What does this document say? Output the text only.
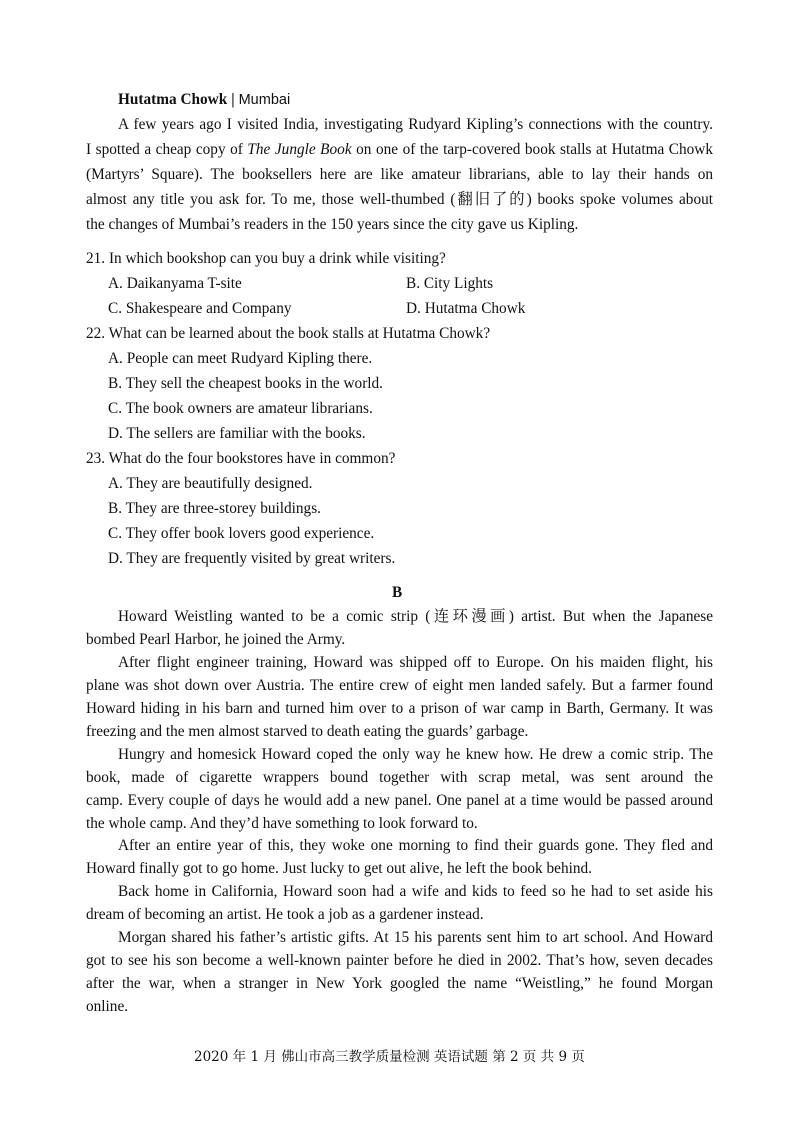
Hutatma Chowk | Mumbai
A few years ago I visited India, investigating Rudyard Kipling’s connections with the country.
I spotted a cheap copy of The Jungle Book on one of the tarp-covered book stalls at Hutatma Chowk
(Martyrs’ Square). The booksellers here are like amateur librarians, able to lay their hands on
almost any title you ask for. To me, those well-thumbed (翻旧了的) books spoke volumes about
the changes of Mumbai’s readers in the 150 years since the city gave us Kipling.
21. In which bookshop can you buy a drink while visiting?
A. Daikanyama T-site	B. City Lights
C. Shakespeare and Company	D. Hutatma Chowk
22. What can be learned about the book stalls at Hutatma Chowk?
A. People can meet Rudyard Kipling there.
B. They sell the cheapest books in the world.
C. The book owners are amateur librarians.
D. The sellers are familiar with the books.
23. What do the four bookstores have in common?
A. They are beautifully designed.
B. They are three-storey buildings.
C. They offer book lovers good experience.
D. They are frequently visited by great writers.
B
Howard Weistling wanted to be a comic strip (连环漫画) artist. But when the Japanese
bombed Pearl Harbor, he joined the Army.
After flight engineer training, Howard was shipped off to Europe. On his maiden flight, his
plane was shot down over Austria. The entire crew of eight men landed safely. But a farmer found
Howard hiding in his barn and turned him over to a prison of war camp in Barth, Germany. It was
freezing and the men almost starved to death eating the guards’ garbage.
Hungry and homesick Howard coped the only way he knew how. He drew a comic strip. The
book, made of cigarette wrappers bound together with scrap metal, was sent around the
camp. Every couple of days he would add a new panel. One panel at a time would be passed around
the whole camp. And they’d have something to look forward to.
After an entire year of this, they woke one morning to find their guards gone. They fled and
Howard finally got to go home. Just lucky to get out alive, he left the book behind.
Back home in California, Howard soon had a wife and kids to feed so he had to set aside his
dream of becoming an artist. He took a job as a gardener instead.
Morgan shared his father’s artistic gifts. At 15 his parents sent him to art school. And Howard
got to see his son become a well-known painter before he died in 2002. That’s how, seven decades
after the war, when a stranger in New York googled the name “Weistling,” he found Morgan
online.
2020 年 1 月 佛山市高三教学质量检测 英语试题 第 2 页 共 9 页
